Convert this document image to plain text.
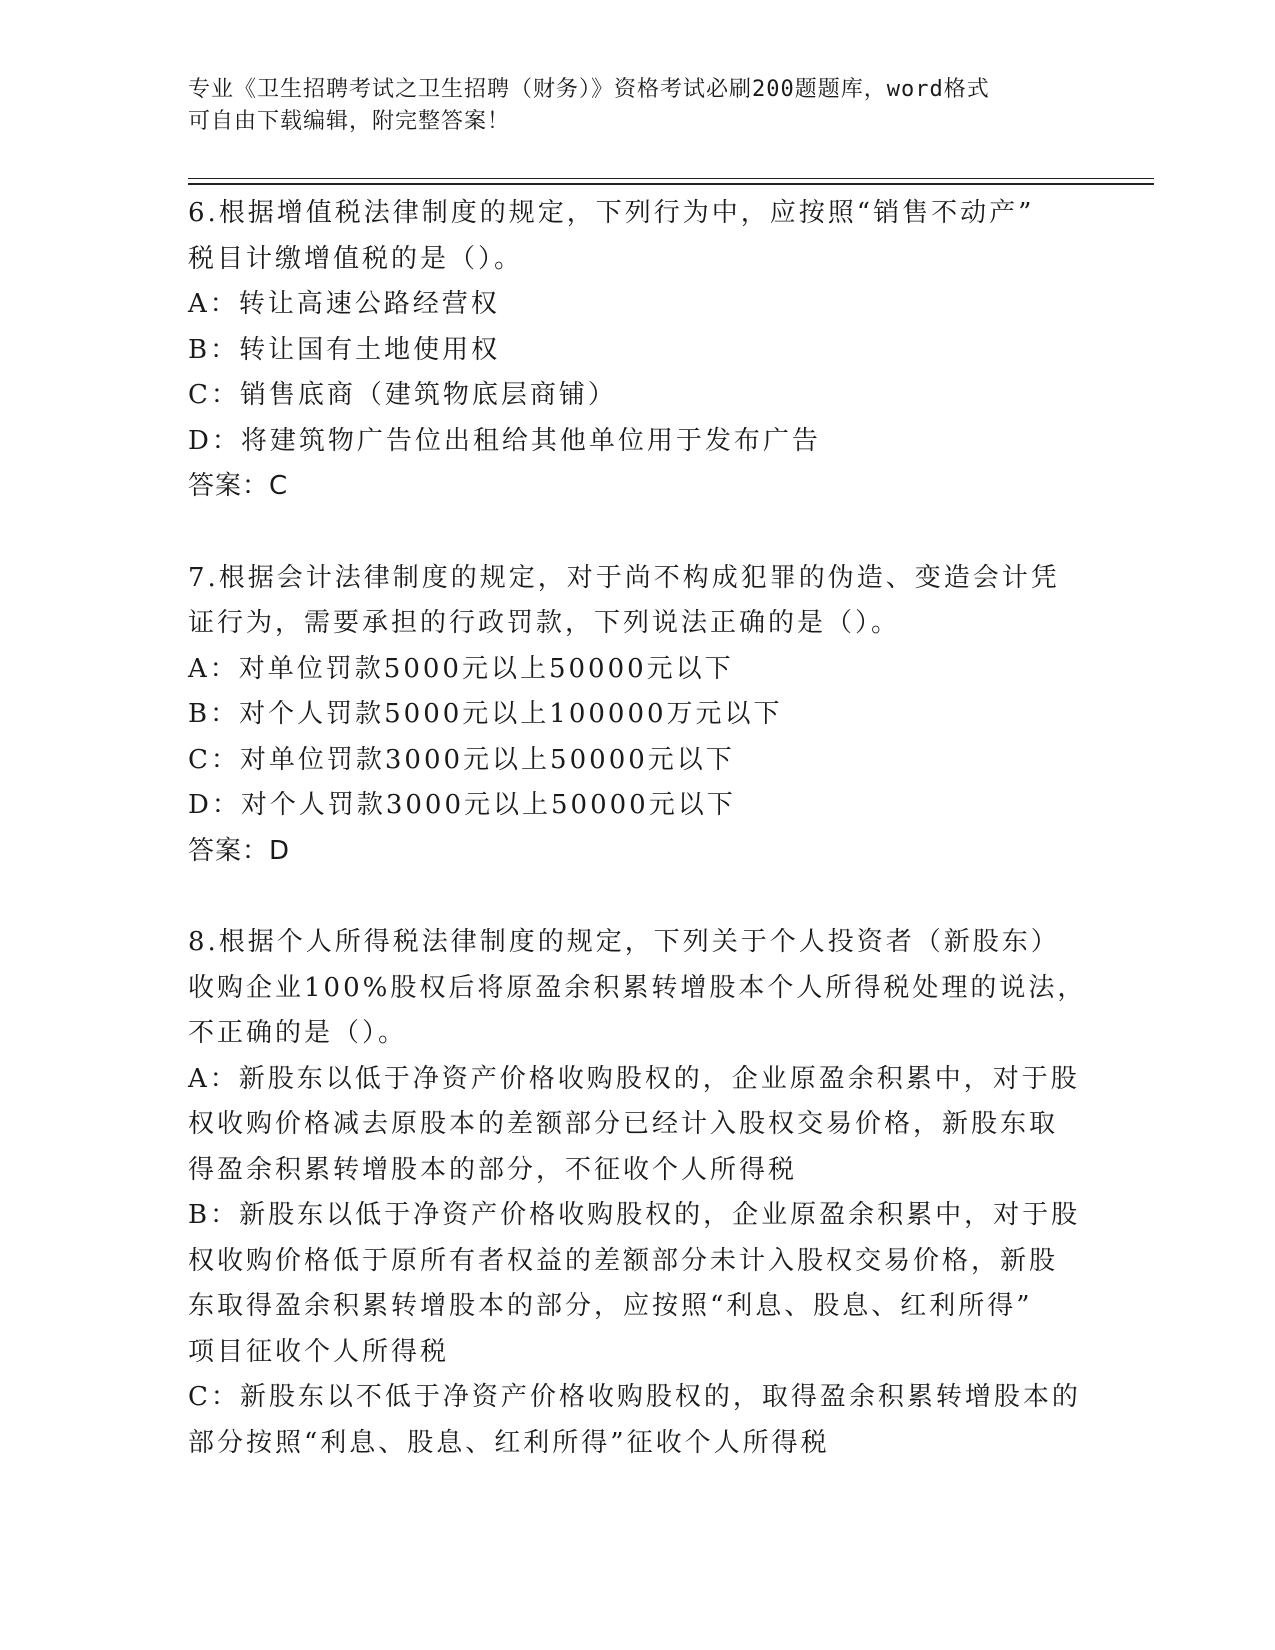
专业《卫生招聘考试之卫生招聘（财务）》资格考试必刷200题题库，word格式
可自由下载编辑，附完整答案！

6.根据增值税法律制度的规定，下列行为中，应按照“销售不动产”

税目计缴增值税的是（）。

A：转让高速公路经营权

B：转让国有土地使用权

C：销售底商（建筑物底层商铺）

D：将建筑物广告位出租给其他单位用于发布广告

答案：C

7.根据会计法律制度的规定，对于尚不构成犯罪的伪造、变造会计凭

证行为，需要承担的行政罚款，下列说法正确的是（）。

A：对单位罚款5000元以上50000元以下

B：对个人罚款5000元以上100000万元以下

C：对单位罚款3000元以上50000元以下

D：对个人罚款3000元以上50000元以下

答案：D

8.根据个人所得税法律制度的规定，下列关于个人投资者（新股东）

收购企业100%股权后将原盈余积累转增股本个人所得税处理的说法，

不正确的是（）。

A：新股东以低于净资产价格收购股权的，企业原盈余积累中，对于股

权收购价格减去原股本的差额部分已经计入股权交易价格，新股东取

得盈余积累转增股本的部分，不征收个人所得税

B：新股东以低于净资产价格收购股权的，企业原盈余积累中，对于股

权收购价格低于原所有者权益的差额部分未计入股权交易价格，新股

东取得盈余积累转增股本的部分，应按照“利息、股息、红利所得”

项目征收个人所得税

C：新股东以不低于净资产价格收购股权的，取得盈余积累转增股本的

部分按照“利息、股息、红利所得”征收个人所得税
